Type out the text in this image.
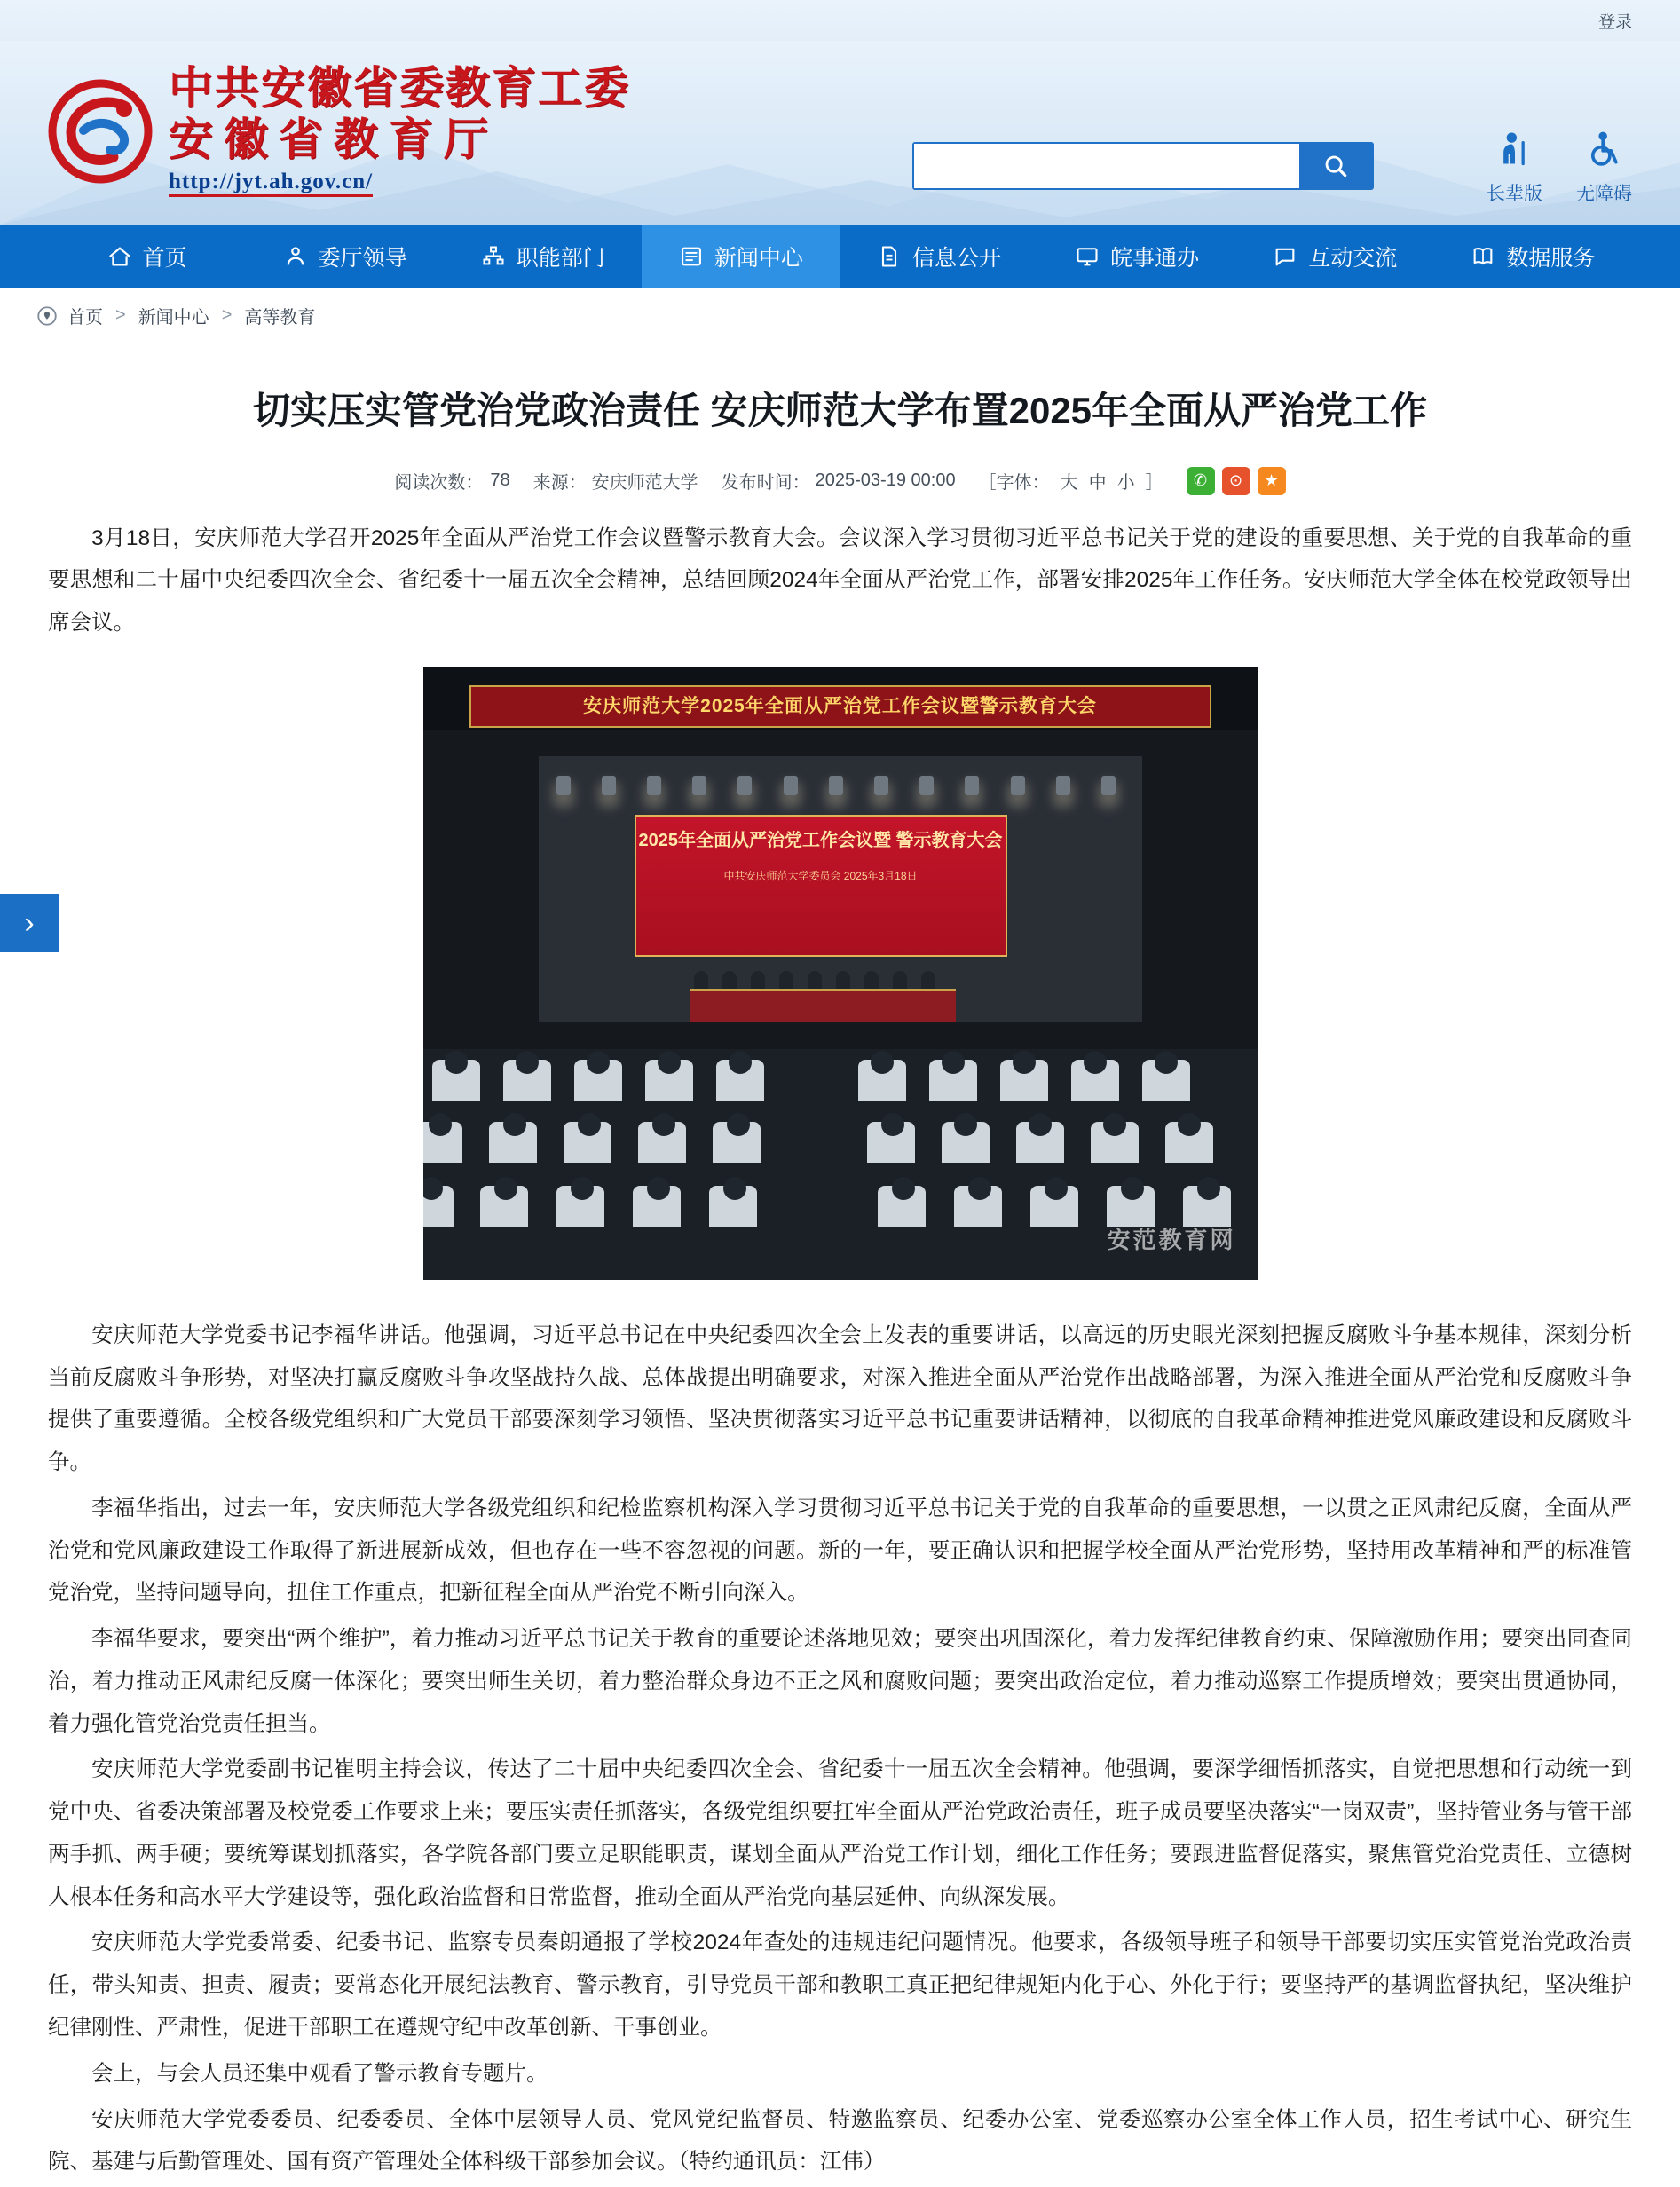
登录
中共安徽省委教育工委
安徽省教育厅
http://jyt.ah.gov.cn/
长辈版 无障碍
首页	委厅领导	职能部门	新闻中心	信息公开	皖事通办	互动交流	数据服务
首页 > 新闻中心 > 高等教育
切实压实管党治党政治责任 安庆师范大学布置2025年全面从严治党工作
阅读次数： 78 来源： 安庆师范大学 发布时间： 2025-03-19 00:00 ［字体： 大 中 小 ］	✆	⊙	★

3月18日，安庆师范大学召开2025年全面从严治党工作会议暨警示教育大会。会议深入学习贯彻习近平总书记关于党的建设的重要思想、关于党的自我革命的重要思想和二十届中央纪委四次全会、省纪委十一届五次全会精神，总结回顾2024年全面从严治党工作，部署安排2025年工作任务。安庆师范大学全体在校党政领导出席会议。

安庆师范大学2025年全面从严治党工作会议暨警示教育大会
2025年全面从严治党工作会议暨 警示教育大会
中共安庆师范大学委员会 2025年3月18日
安范教育网

安庆师范大学党委书记李福华讲话。他强调，习近平总书记在中央纪委四次全会上发表的重要讲话，以高远的历史眼光深刻把握反腐败斗争基本规律，深刻分析当前反腐败斗争形势，对坚决打赢反腐败斗争攻坚战持久战、总体战提出明确要求，对深入推进全面从严治党作出战略部署，为深入推进全面从严治党和反腐败斗争提供了重要遵循。全校各级党组织和广大党员干部要深刻学习领悟、坚决贯彻落实习近平总书记重要讲话精神，以彻底的自我革命精神推进党风廉政建设和反腐败斗争。

李福华指出，过去一年，安庆师范大学各级党组织和纪检监察机构深入学习贯彻习近平总书记关于党的自我革命的重要思想，一以贯之正风肃纪反腐，全面从严治党和党风廉政建设工作取得了新进展新成效，但也存在一些不容忽视的问题。新的一年，要正确认识和把握学校全面从严治党形势，坚持用改革精神和严的标准管党治党，坚持问题导向，扭住工作重点，把新征程全面从严治党不断引向深入。

李福华要求，要突出“两个维护”，着力推动习近平总书记关于教育的重要论述落地见效；要突出巩固深化，着力发挥纪律教育约束、保障激励作用；要突出同查同治，着力推动正风肃纪反腐一体深化；要突出师生关切，着力整治群众身边不正之风和腐败问题；要突出政治定位，着力推动巡察工作提质增效；要突出贯通协同，着力强化管党治党责任担当。

安庆师范大学党委副书记崔明主持会议，传达了二十届中央纪委四次全会、省纪委十一届五次全会精神。他强调，要深学细悟抓落实，自觉把思想和行动统一到党中央、省委决策部署及校党委工作要求上来；要压实责任抓落实，各级党组织要扛牢全面从严治党政治责任，班子成员要坚决落实“一岗双责”，坚持管业务与管干部两手抓、两手硬；要统筹谋划抓落实，各学院各部门要立足职能职责，谋划全面从严治党工作计划，细化工作任务；要跟进监督促落实，聚焦管党治党责任、立德树人根本任务和高水平大学建设等，强化政治监督和日常监督，推动全面从严治党向基层延伸、向纵深发展。

安庆师范大学党委常委、纪委书记、监察专员秦朗通报了学校2024年查处的违规违纪问题情况。他要求，各级领导班子和领导干部要切实压实管党治党政治责任，带头知责、担责、履责；要常态化开展纪法教育、警示教育，引导党员干部和教职工真正把纪律规矩内化于心、外化于行；要坚持严的基调监督执纪，坚决维护纪律刚性、严肃性，促进干部职工在遵规守纪中改革创新、干事创业。

会上，与会人员还集中观看了警示教育专题片。

安庆师范大学党委委员、纪委委员、全体中层领导人员、党风党纪监督员、特邀监察员、纪委办公室、党委巡察办公室全体工作人员，招生考试中心、研究生院、基建与后勤管理处、国有资产管理处全体科级干部参加会议。（特约通讯员：江伟）

›
